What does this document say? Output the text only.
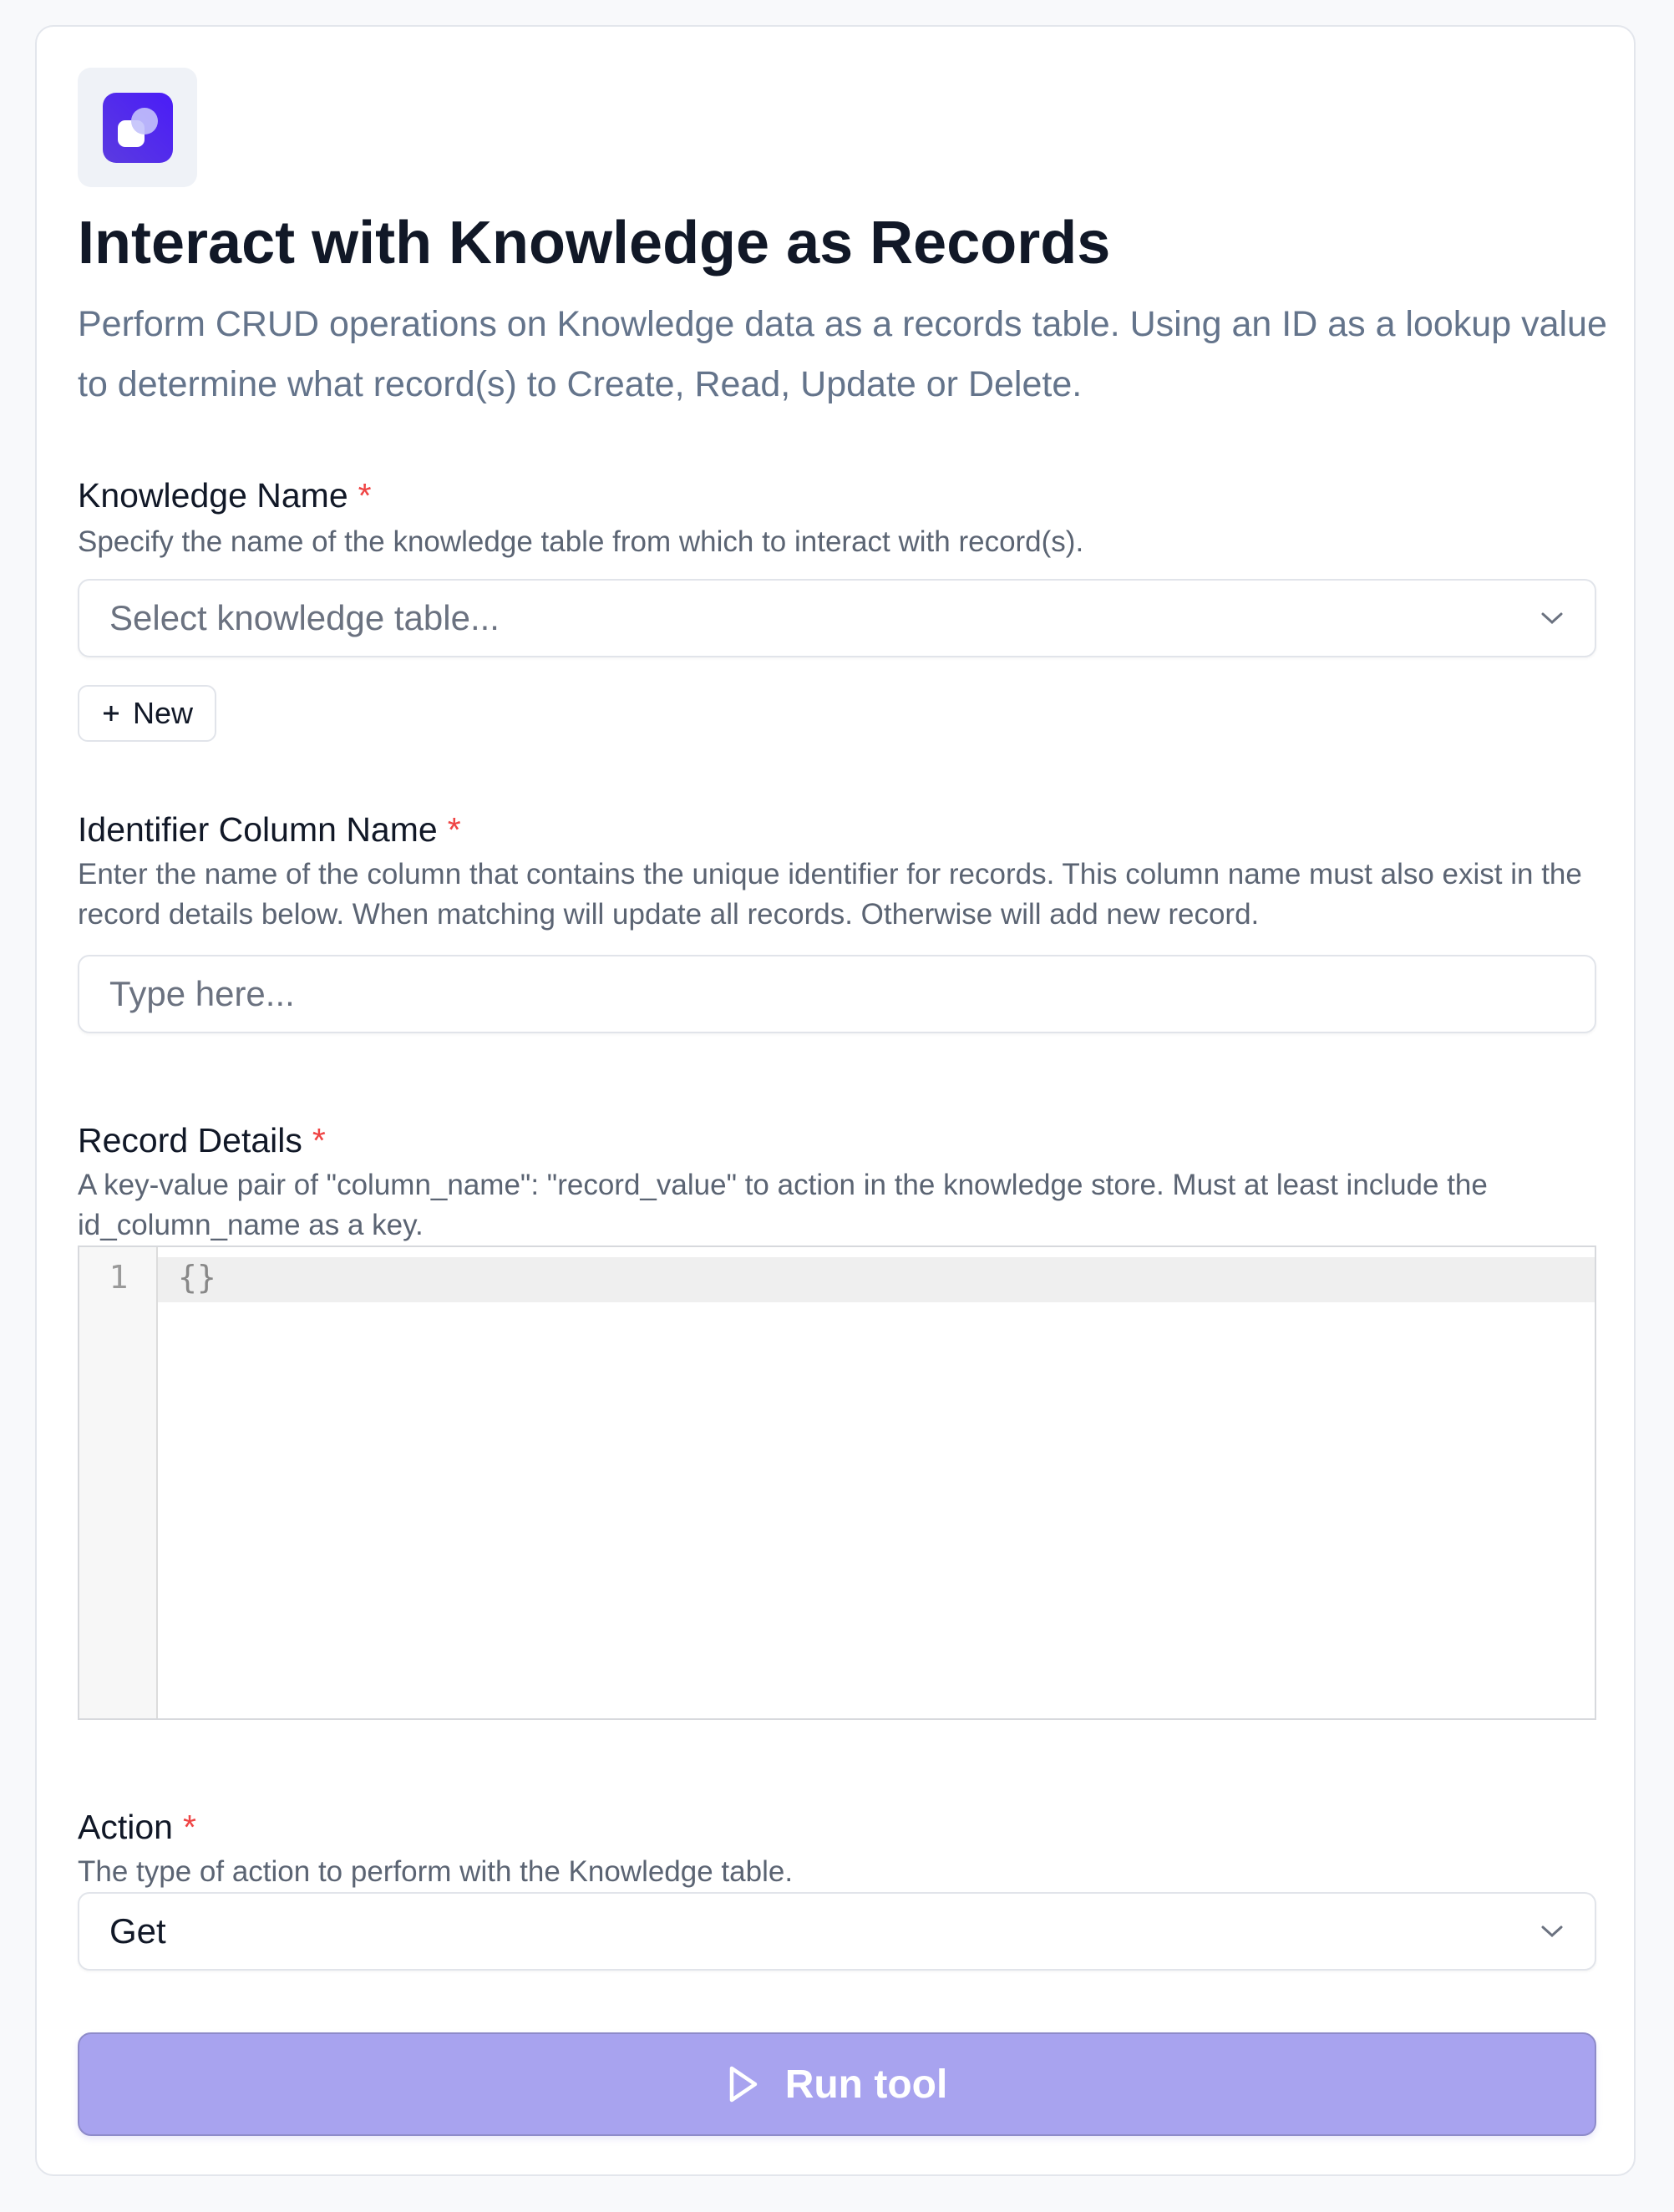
Interact with Knowledge as Records
Perform CRUD operations on Knowledge data as a records table. Using an ID as a lookup value to determine what record(s) to Create, Read, Update or Delete.
Knowledge Name *
Specify the name of the knowledge table from which to interact with record(s).
Select knowledge table...
New
Identifier Column Name *
Enter the name of the column that contains the unique identifier for records. This column name must also exist in the record details below. When matching will update all records. Otherwise will add new record.
Type here...
Record Details *
A key-value pair of "column_name": "record_value" to action in the knowledge store. Must at least include the id_column_name as a key.
1	{}
Action *
The type of action to perform with the Knowledge table.
Get
Run tool
